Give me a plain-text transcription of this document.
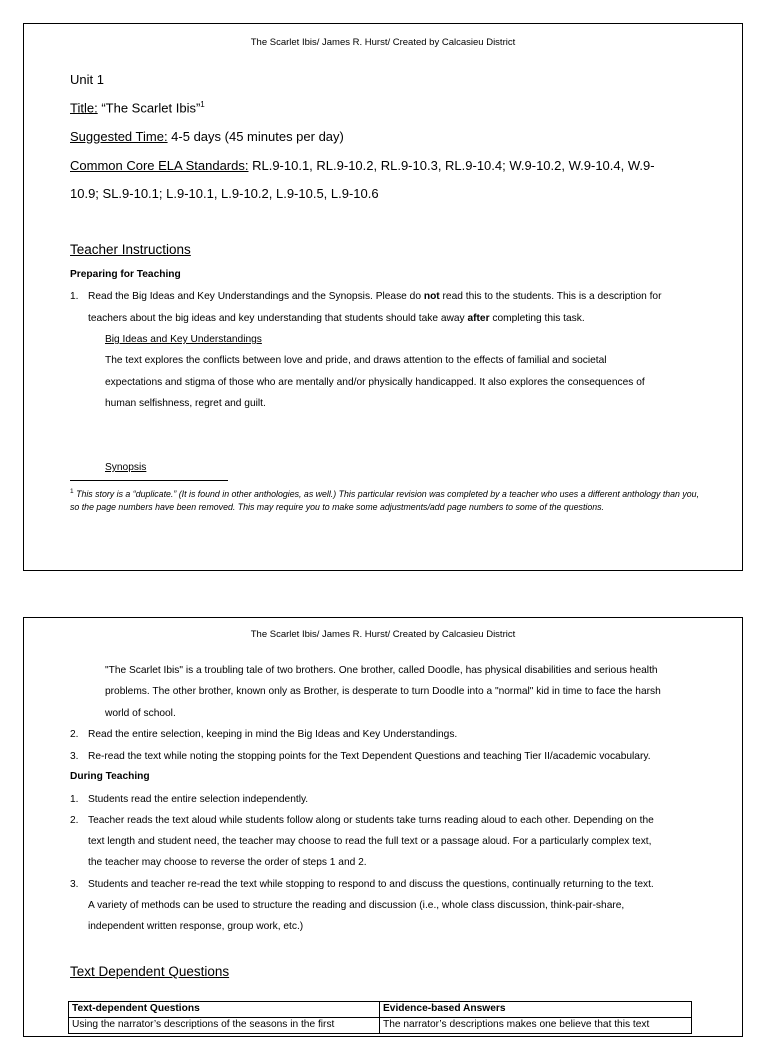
The Scarlet Ibis/ James R. Hurst/ Created by Calcasieu District
Unit 1
Title: “The Scarlet Ibis”$^1$
Suggested Time: 4-5 days (45 minutes per day)
Common Core ELA Standards: RL.9-10.1, RL.9-10.2, RL.9-10.3, RL.9-10.4; W.9-10.2, W.9-10.4, W.9-
10.9; SL.9-10.1; L.9-10.1, L.9-10.2, L.9-10.5, L.9-10.6
Teacher Instructions
Preparing for Teaching
1. Read the Big Ideas and Key Understandings and the Synopsis. Please do not read this to the students. This is a description for
teachers about the big ideas and key understanding that students should take away after completing this task.
Big Ideas and Key Understandings
The text explores the conflicts between love and pride, and draws attention to the effects of familial and societal
expectations and stigma of those who are mentally and/or physically handicapped. It also explores the consequences of
human selfishness, regret and guilt.
Synopsis
$^1$ This story is a “duplicate.” (It is found in other anthologies, as well.) This particular revision was completed by a teacher who uses a different anthology than you, so the page numbers have been removed. This may require you to make some adjustments/add page numbers to some of the questions.
The Scarlet Ibis/ James R. Hurst/ Created by Calcasieu District
"The Scarlet Ibis" is a troubling tale of two brothers. One brother, called Doodle, has physical disabilities and serious health
problems. The other brother, known only as Brother, is desperate to turn Doodle into a "normal" kid in time to face the harsh
world of school.
2. Read the entire selection, keeping in mind the Big Ideas and Key Understandings.
3. Re-read the text while noting the stopping points for the Text Dependent Questions and teaching Tier II/academic vocabulary.
During Teaching
1. Students read the entire selection independently.
2. Teacher reads the text aloud while students follow along or students take turns reading aloud to each other. Depending on the
text length and student need, the teacher may choose to read the full text or a passage aloud. For a particularly complex text,
the teacher may choose to reverse the order of steps 1 and 2.
3. Students and teacher re-read the text while stopping to respond to and discuss the questions, continually returning to the text.
A variety of methods can be used to structure the reading and discussion (i.e., whole class discussion, think-pair-share,
independent written response, group work, etc.)
Text Dependent Questions
Text-dependent Questions	Evidence-based Answers
Using the narrator’s descriptions of the seasons in the first	The narrator’s descriptions makes one believe that this text
